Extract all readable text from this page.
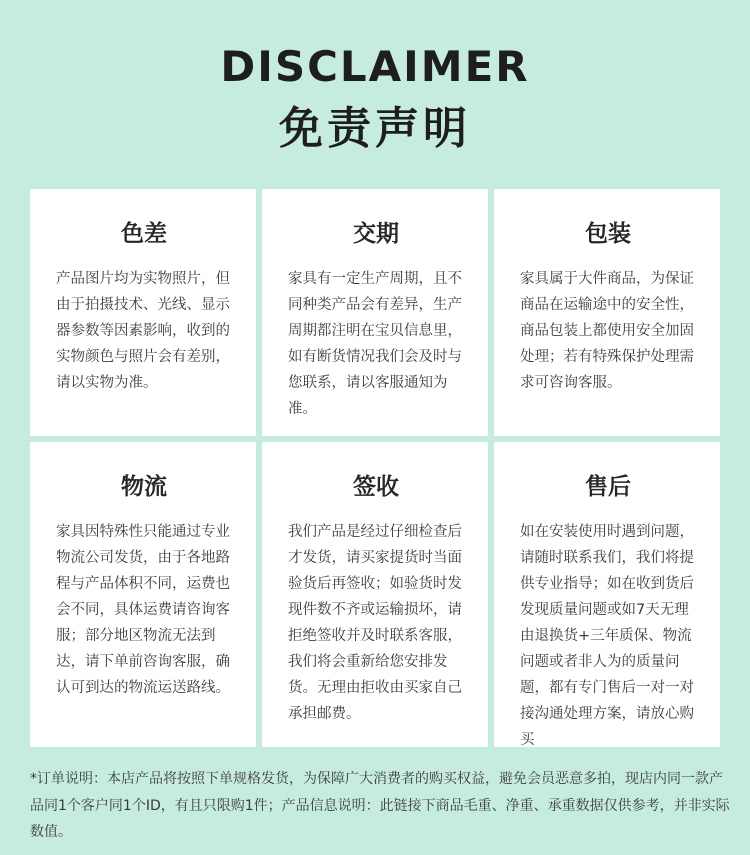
DISCLAIMER
免责声明
色差

产品图片均为实物照片，但由于拍摄技术、光线、显示器参数等因素影响，收到的实物颜色与照片会有差别，请以实物为准。

交期

家具有一定生产周期，且不同种类产品会有差异，生产周期都注明在宝贝信息里，如有断货情况我们会及时与您联系，请以客服通知为准。

包装

家具属于大件商品，为保证商品在运输途中的安全性，商品包装上都使用安全加固处理；若有特殊保护处理需求可咨询客服。

物流

家具因特殊性只能通过专业物流公司发货，由于各地路程与产品体积不同，运费也会不同，具体运费请咨询客服；部分地区物流无法到达，请下单前咨询客服，确认可到达的物流运送路线。

签收

我们产品是经过仔细检查后才发货，请买家提货时当面验货后再签收；如验货时发现件数不齐或运输损坏，请拒绝签收并及时联系客服，我们将会重新给您安排发货。无理由拒收由买家自己承担邮费。

售后

如在安装使用时遇到问题，请随时联系我们，我们将提供专业指导；如在收到货后发现质量问题或如7天无理由退换货+三年质保、物流问题或者非人为的质量问题，都有专门售后一对一对接沟通处理方案，请放心购买

*订单说明：本店产品将按照下单规格发货，为保障广大消费者的购买权益，避免会员恶意多拍，现店内同一款产品同1个客户同1个ID，有且只限购1件；产品信息说明：此链接下商品毛重、净重、承重数据仅供参考，并非实际数值。
